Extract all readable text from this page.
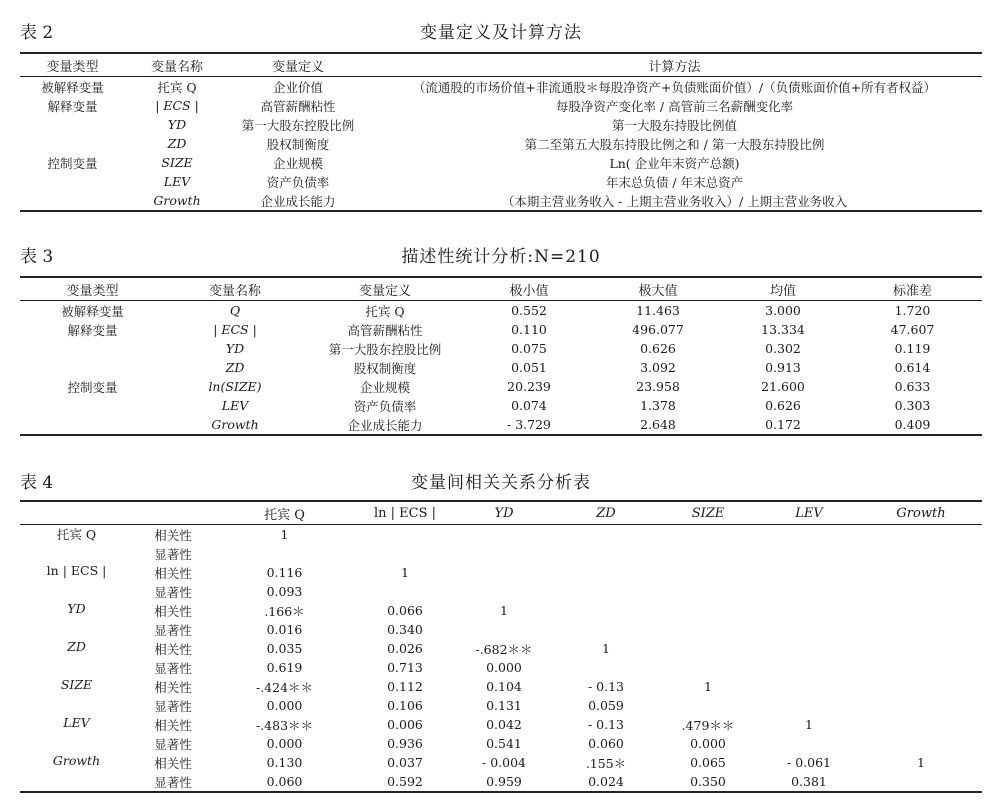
表 2	变量定义及计算方法
变量类型	变量名称	变量定义	计算方法
被解释变量	托宾 Q	企业价值	（流通股的市场价值+非流通股＊每股净资产+负债账面价值）/（负债账面价值+所有者权益）
解释变量	| ECS |	高管薪酬粘性	每股净资产变化率 / 高管前三名薪酬变化率
	YD	第一大股东控股比例	第一大股东持股比例值
	ZD	股权制衡度	第二至第五大股东持股比例之和 / 第一大股东持股比例
控制变量	SIZE	企业规模	Ln( 企业年末资产总额)
	LEV	资产负债率	年末总负债 / 年末总资产
	Growth	企业成长能力	（本期主营业务收入 - 上期主营业务收入）/ 上期主营业务收入
表 3	描述性统计分析:N=210
变量类型	变量名称	变量定义	极小值	极大值	均值	标准差
被解释变量	Q	托宾 Q	0.552	11.463	3.000	1.720
解释变量	| ECS |	高管薪酬粘性	0.110	496.077	13.334	47.607
	YD	第一大股东控股比例	0.075	0.626	0.302	0.119
	ZD	股权制衡度	0.051	3.092	0.913	0.614
控制变量	ln(SIZE)	企业规模	20.239	23.958	21.600	0.633
	LEV	资产负债率	0.074	1.378	0.626	0.303
	Growth	企业成长能力	- 3.729	2.648	0.172	0.409
表 4	变量间相关关系分析表
		托宾 Q	ln | ECS |	YD	ZD	SIZE	LEV	Growth
托宾 Q	相关性	1						
	显著性							
ln | ECS |	相关性	0.116	1					
	显著性	0.093						
YD	相关性	.166＊	0.066	1				
	显著性	0.016	0.340					
ZD	相关性	0.035	0.026	-.682＊＊	1			
	显著性	0.619	0.713	0.000				
SIZE	相关性	-.424＊＊	0.112	0.104	- 0.13	1		
	显著性	0.000	0.106	0.131	0.059			
LEV	相关性	-.483＊＊	0.006	0.042	- 0.13	.479＊＊	1	
	显著性	0.000	0.936	0.541	0.060	0.000		
Growth	相关性	0.130	0.037	- 0.004	.155＊	0.065	- 0.061	1
	显著性	0.060	0.592	0.959	0.024	0.350	0.381	
